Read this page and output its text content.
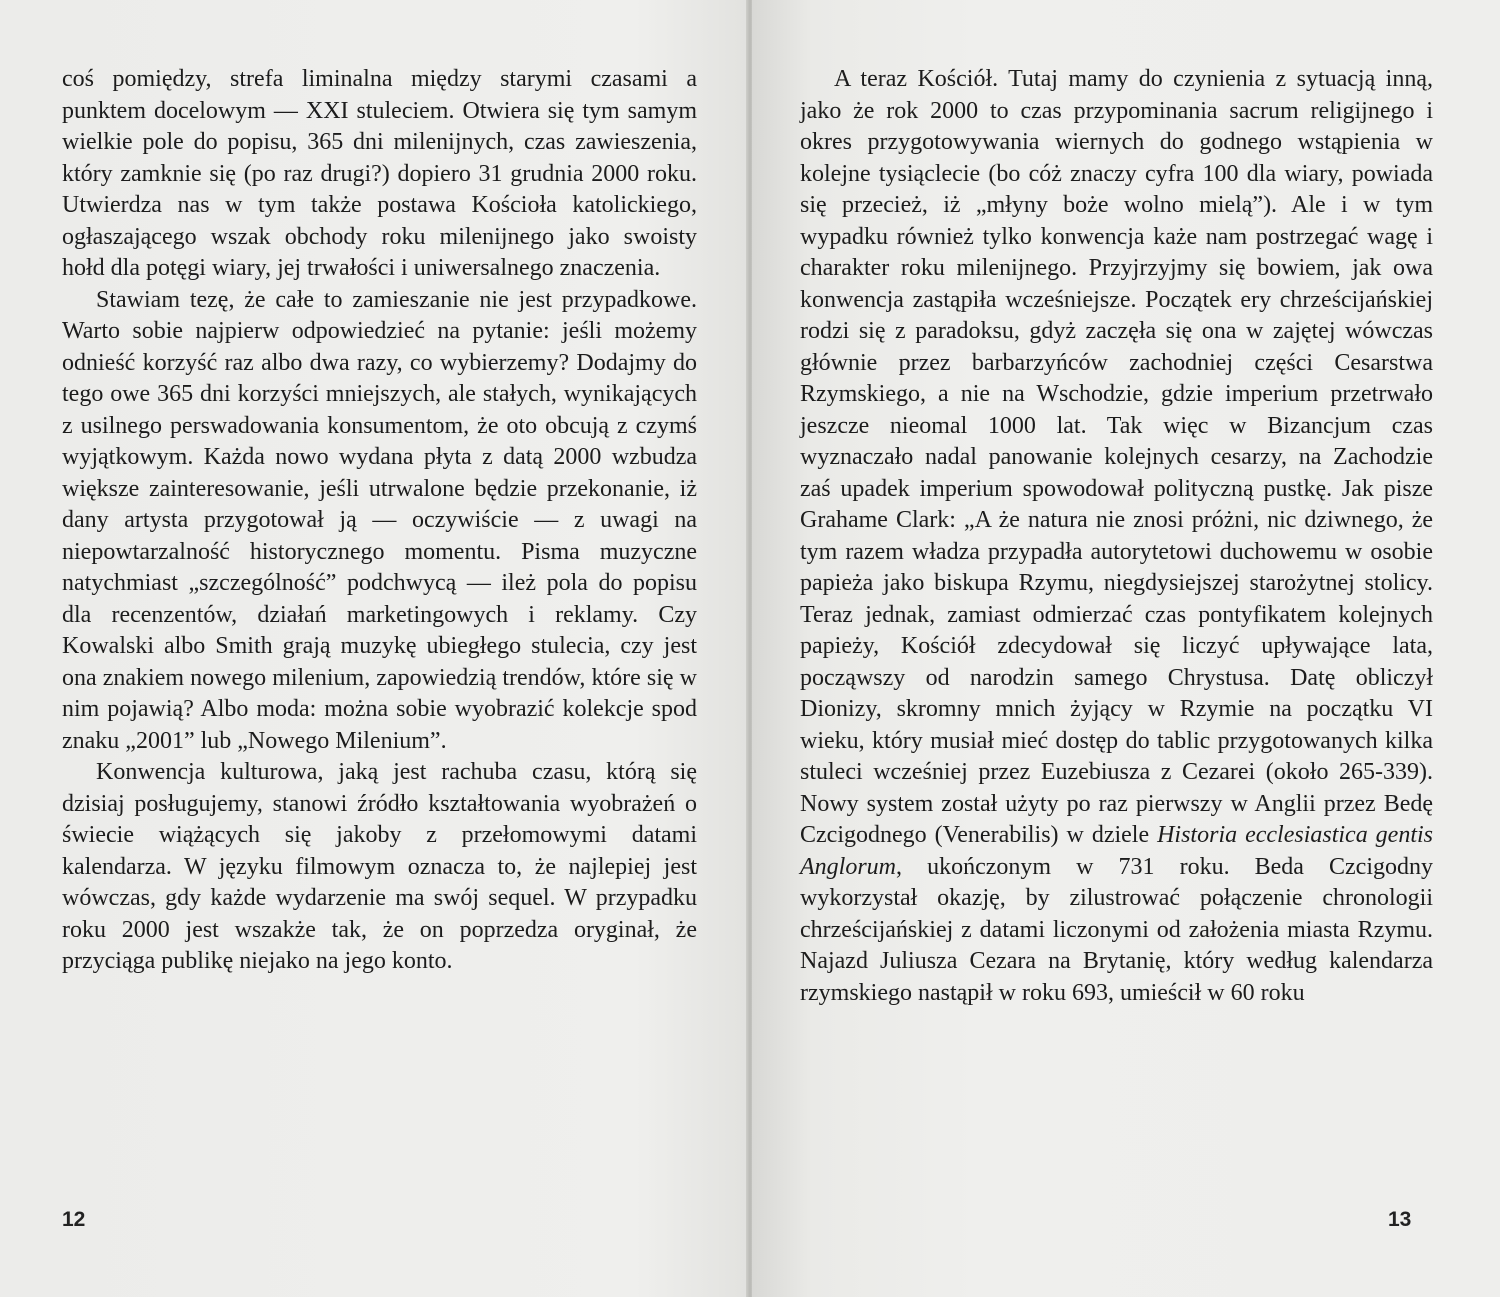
coś pomiędzy, strefa liminalna między starymi czasami a punktem docelowym — XXI stuleciem. Otwiera się tym samym wielkie pole do popisu, 365 dni milenijnych, czas zawieszenia, który zamknie się (po raz drugi?) dopiero 31 grudnia 2000 roku. Utwierdza nas w tym także postawa Kościoła katolickiego, ogłaszającego wszak obchody roku milenijnego jako swoisty hołd dla potęgi wiary, jej trwałości i uniwersalnego znaczenia.

Stawiam tezę, że całe to zamieszanie nie jest przypadkowe. Warto sobie najpierw odpowiedzieć na pytanie: jeśli możemy odnieść korzyść raz albo dwa razy, co wybierzemy? Dodajmy do tego owe 365 dni korzyści mniejszych, ale stałych, wynikających z usilnego perswadowania konsumentom, że oto obcują z czymś wyjątkowym. Każda nowo wydana płyta z datą 2000 wzbudza większe zainteresowanie, jeśli utrwalone będzie przekonanie, iż dany artysta przygotował ją — oczywiście — z uwagi na niepowtarzalność historycznego momentu. Pisma muzyczne natychmiast „szczególność” podchwycą — ileż pola do popisu dla recenzentów, działań marketingowych i reklamy. Czy Kowalski albo Smith grają muzykę ubiegłego stulecia, czy jest ona znakiem nowego milenium, zapowiedzią trendów, które się w nim pojawią? Albo moda: można sobie wyobrazić kolekcje spod znaku „2001” lub „Nowego Milenium”.

Konwencja kulturowa, jaką jest rachuba czasu, którą się dzisiaj posługujemy, stanowi źródło kształtowania wyobrażeń o świecie wiążących się jakoby z przełomowymi datami kalendarza. W języku filmowym oznacza to, że najlepiej jest wówczas, gdy każde wydarzenie ma swój sequel. W przypadku roku 2000 jest wszakże tak, że on poprzedza oryginał, że przyciąga publikę niejako na jego konto.

12

A teraz Kościół. Tutaj mamy do czynienia z sytuacją inną, jako że rok 2000 to czas przypominania sacrum religijnego i okres przygotowywania wiernych do godnego wstąpienia w kolejne tysiąclecie (bo cóż znaczy cyfra 100 dla wiary, powiada się przecież, iż „młyny boże wolno mielą”). Ale i w tym wypadku również tylko konwencja każe nam postrzegać wagę i charakter roku milenijnego. Przyjrzyjmy się bowiem, jak owa konwencja zastąpiła wcześniejsze. Początek ery chrześcijańskiej rodzi się z paradoksu, gdyż zaczęła się ona w zajętej wówczas głównie przez barbarzyńców zachodniej części Cesarstwa Rzymskiego, a nie na Wschodzie, gdzie imperium przetrwało jeszcze nieomal 1000 lat. Tak więc w Bizancjum czas wyznaczało nadal panowanie kolejnych cesarzy, na Zachodzie zaś upadek imperium spowodował polityczną pustkę. Jak pisze Grahame Clark: „A że natura nie znosi próżni, nic dziwnego, że tym razem władza przypadła autorytetowi duchowemu w osobie papieża jako biskupa Rzymu, niegdysiejszej starożytnej stolicy. Teraz jednak, zamiast odmierzać czas pontyfikatem kolejnych papieży, Kościół zdecydował się liczyć upływające lata, począwszy od narodzin samego Chrystusa. Datę obliczył Dionizy, skromny mnich żyjący w Rzymie na początku VI wieku, który musiał mieć dostęp do tablic przygotowanych kilka stuleci wcześniej przez Euzebiusza z Cezarei (około 265-339). Nowy system został użyty po raz pierwszy w Anglii przez Bedę Czcigodnego (Venerabilis) w dziele Historia ecclesiastica gentis Anglorum, ukończonym w 731 roku. Beda Czcigodny wykorzystał okazję, by zilustrować połączenie chronologii chrześcijańskiej z datami liczonymi od założenia miasta Rzymu. Najazd Juliusza Cezara na Brytanię, który według kalendarza rzymskiego nastąpił w roku 693, umieścił w 60 roku

13
